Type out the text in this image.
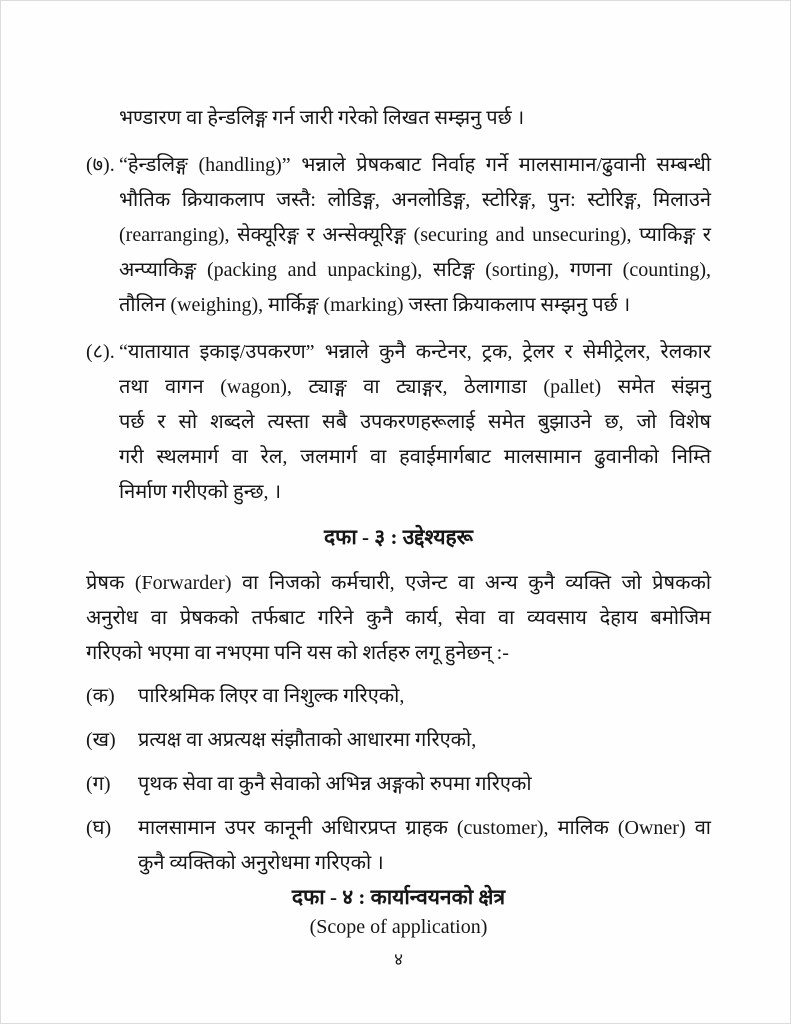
भण्डारण वा हेन्डलिङ्ग गर्न जारी गरेको लिखत सम्झनु पर्छ ।
(७). “हेन्डलिङ्ग (handling)” भन्नाले प्रेषकबाट निर्वाह गर्ने मालसामान/ढुवानी सम्बन्धी
भौतिक क्रियाकलाप जस्तै: लोडिङ्ग, अनलोडिङ्ग, स्टोरिङ्ग, पुन: स्टोरिङ्ग, मिलाउने
(rearranging), सेक्यूरिङ्ग र अन्सेक्यूरिङ्ग (securing and unsecuring), प्याकिङ्ग र
अन्प्याकिङ्ग (packing and unpacking), सटिङ्ग (sorting), गणना (counting),
तौलिन (weighing), मार्किङ्ग (marking) जस्ता क्रियाकलाप सम्झनु पर्छ ।
(८). “यातायात इकाइ/उपकरण” भन्नाले कुनै कन्टेनर, ट्रक, ट्रेलर र सेमीट्रेलर, रेलकार
तथा वागन (wagon), ट्याङ्ग वा ट्याङ्गर, ठेलागाडा (pallet) समेत संझनु
पर्छ र सो शब्दले त्यस्ता सबै उपकरणहरूलाई समेत बुझाउने छ, जो विशेष
गरी स्थलमार्ग वा रेल, जलमार्ग वा हवाईमार्गबाट मालसामान ढुवानीको निम्ति
निर्माण गरीएको हुन्छ, ।
दफा - ३ : उद्देश्यहरू
प्रेषक (Forwarder) वा निजको कर्मचारी, एजेन्ट वा अन्य कुनै व्यक्ति जो प्रेषकको
अनुरोध वा प्रेषकको तर्फबाट गरिने कुनै कार्य, सेवा वा व्यवसाय देहाय बमोजिम
गरिएको भएमा वा नभएमा पनि यस को शर्तहरु लगू हुनेछन् :-
(क) पारिश्रमिक लिएर वा निशुल्क गरिएको,
(ख) प्रत्यक्ष वा अप्रत्यक्ष संझौताको आधारमा गरिएको,
(ग) पृथक सेवा वा कुनै सेवाको अभिन्न अङ्गको रुपमा गरिएको
(घ) मालसामान उपर कानूनी अधिारप्रप्त ग्राहक (customer), मालिक (Owner) वा
कुनै व्यक्तिको अनुरोधमा गरिएको ।
दफा - ४ : कार्यान्वयनको क्षेत्र
(Scope of application)
४
